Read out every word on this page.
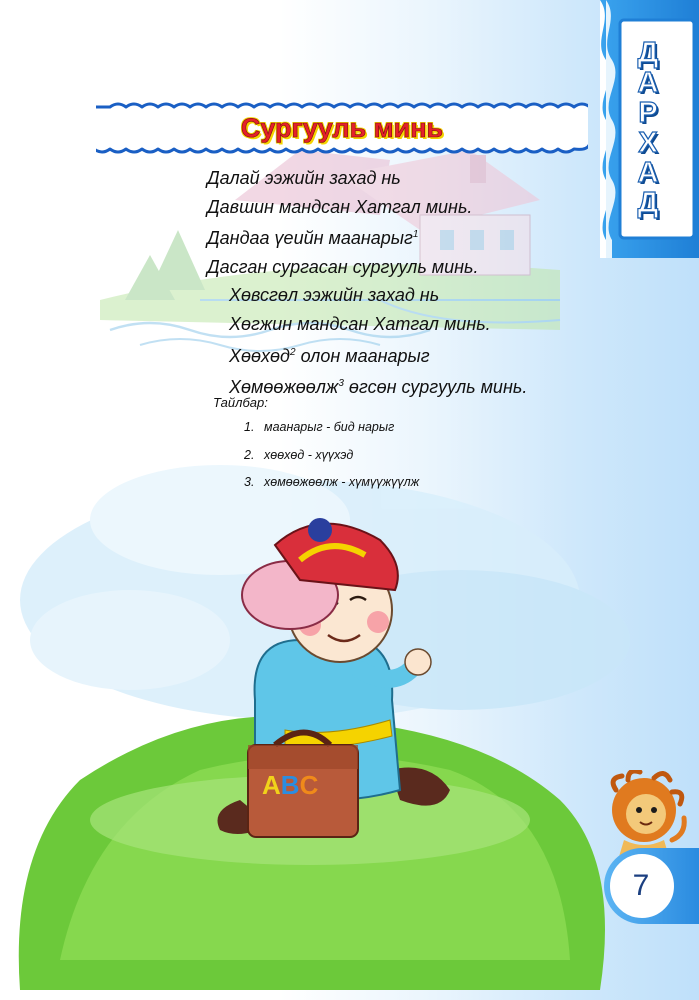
ABC
Д
А
Р
Х
А
Д
Сургууль минь
Далай ээжийн захад нь
Давшин мандсан Хатгал минь.
Дандаа үеийн маанарыг$^1$
Дасган сургасан сургууль минь.
Хөвсгөл ээжийн захад нь
Хөгжин мандсан Хатгал минь.
Хөөхөд$^2$ олон маанарыг
Хөмөөжөөлж$^3$ өгсөн сургууль минь.
Тайлбар:
1. маанарыг - бид нарыг
2. хөөхөд - хүүхэд
3. хөмөөжөөлж - хүмүүжүүлж
7
